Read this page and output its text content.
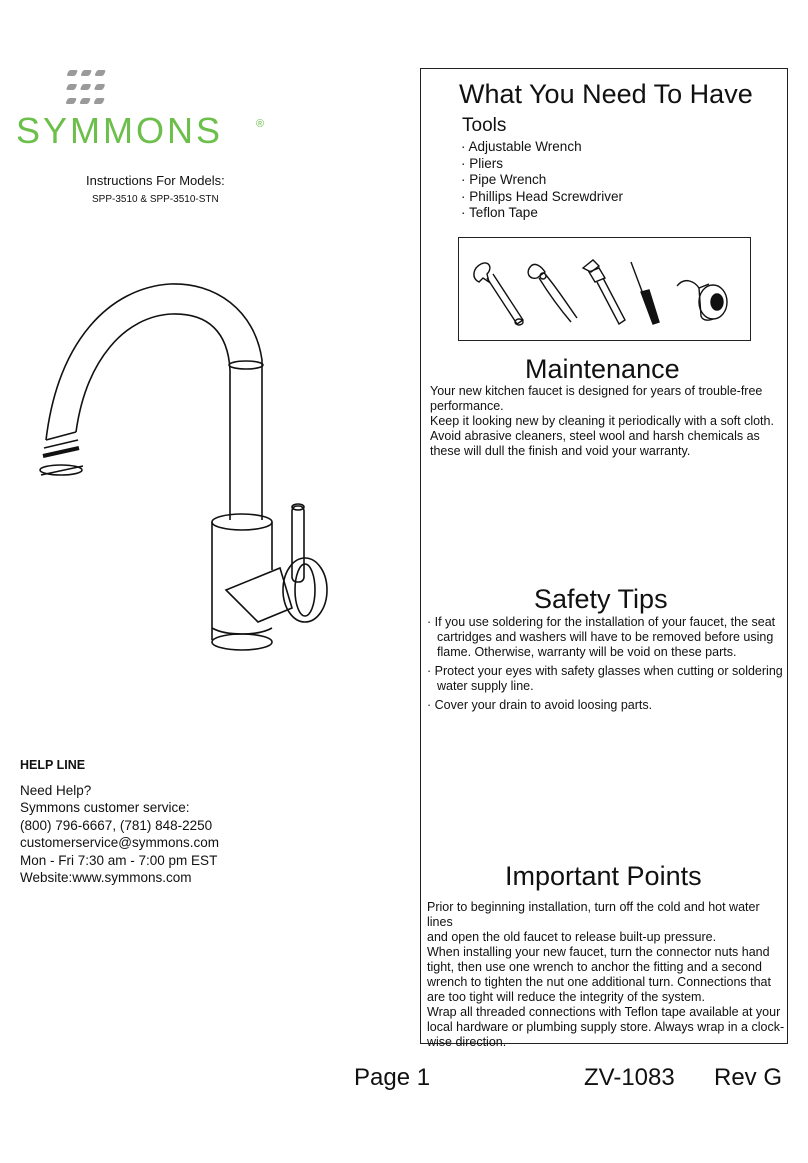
SYMMONS	®
Instructions For Models:
SPP-3510 & SPP-3510-STN
HELP LINE
Need Help?
Symmons customer service:
(800) 796-6667, (781) 848-2250
customerservice@symmons.com
Mon - Fri 7:30 am - 7:00 pm EST
Website:www.symmons.com
What You Need To Have
Tools
· Adjustable Wrench
· Pliers
· Pipe Wrench
· Phillips Head Screwdriver
· Teflon Tape
Maintenance
Your new kitchen faucet is designed for years of trouble-free
performance.
Keep it looking new by cleaning it periodically with a soft cloth.
Avoid abrasive cleaners, steel wool and harsh chemicals as
these will dull the finish and void your warranty.
Safety Tips
· If you use soldering for the installation of your faucet, the seat cartridges and washers will have to be removed before using flame. Otherwise, warranty will be void on these parts.
· Protect your eyes with safety glasses when cutting or soldering water supply line.
· Cover your drain to avoid loosing parts.
Important Points
Prior to beginning installation, turn off the cold and hot water lines
and open the old faucet to release built-up pressure.
When installing your new faucet, turn the connector nuts hand
tight, then use one wrench to anchor the fitting and a second
wrench to tighten the nut one additional turn. Connections that
are too tight will reduce the integrity of the system.
Wrap all threaded connections with Teflon tape available at your
local hardware or plumbing supply store. Always wrap in a clock-
wise direction.
Page 1	ZV-1083 Rev G
